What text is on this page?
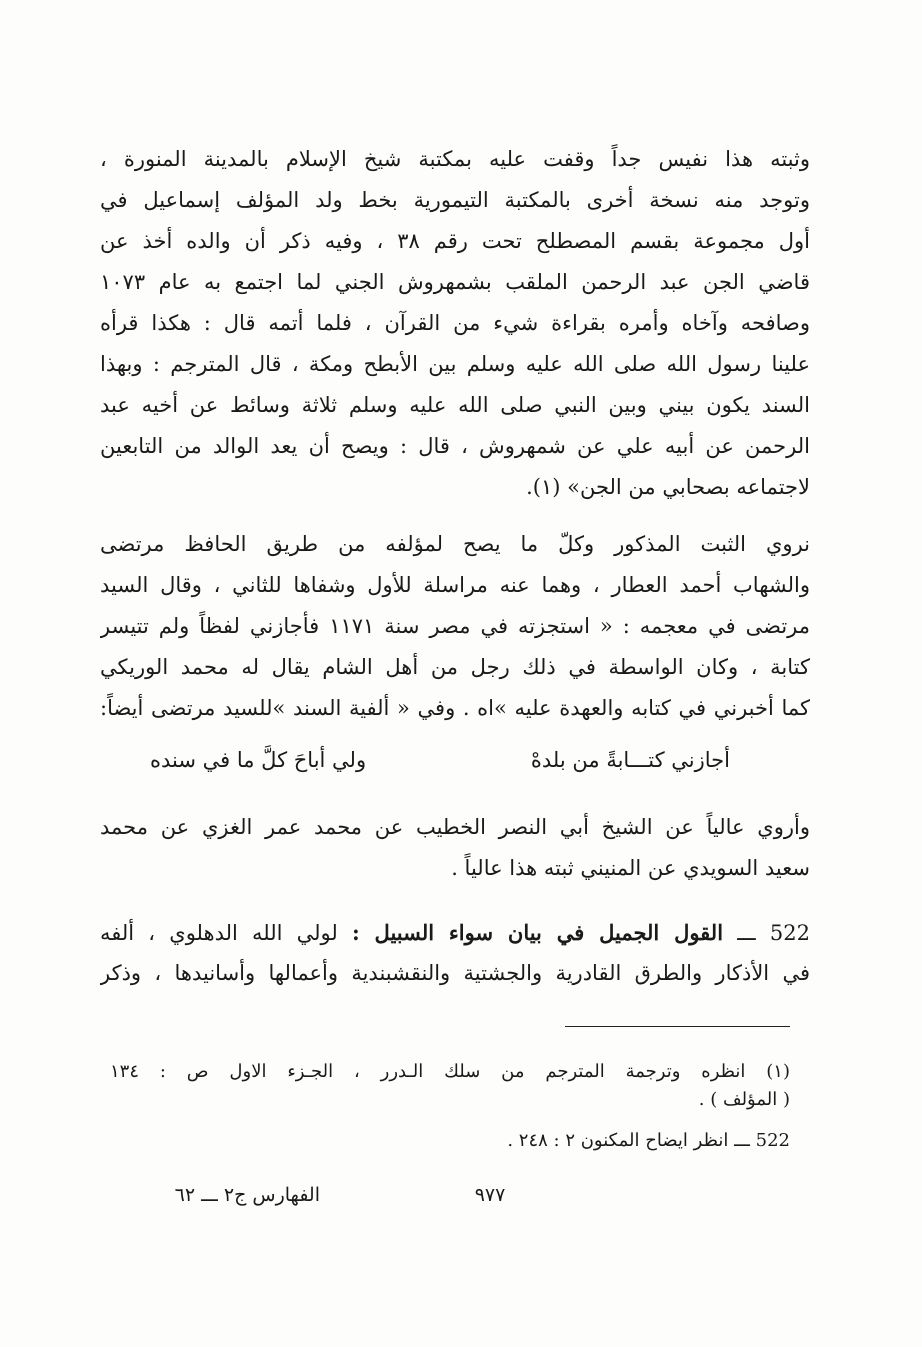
وثبته هذا نفيس جداً وقفت عليه بمكتبة شيخ الإسلام بالمدينة المنورة ،
وتوجد منه نسخة أخرى بالمكتبة التيمورية بخط ولد المؤلف إسماعيل في
أول مجموعة بقسم المصطلح تحت رقم ٣٨ ، وفيه ذكر أن والده أخذ عن
قاضي الجن عبد الرحمن الملقب بشمهروش الجني لما اجتمع به عام ١٠٧٣
وصافحه وآخاه وأمره بقراءة شيء من القرآن ، فلما أتمه قال : هكذا قرأه
علينا رسول الله صلى الله عليه وسلم بين الأبطح ومكة ، قال المترجم : وبهذا
السند يكون بيني وبين النبي صلى الله عليه وسلم ثلاثة وسائط عن أخيه عبد
الرحمن عن أبيه علي عن شمهروش ، قال : ويصح أن يعد الوالد من التابعين
لاجتماعه بصحابي من الجن» (١).
نروي الثبت المذكور وكلّ ما يصح لمؤلفه من طريق الحافظ مرتضى
والشهاب أحمد العطار ، وهما عنه مراسلة للأول وشفاها للثاني ، وقال السيد
مرتضى في معجمه : « استجزته في مصر سنة ١١٧١ فأجازني لفظاً ولم تتيسر
كتابة ، وكان الواسطة في ذلك رجل من أهل الشام يقال له محمد الوريكي
كما أخبرني في كتابه والعهدة عليه »اه . وفي « ألفية السند »للسيد مرتضى أيضاً:
أجازني كتـــابةً من بلدهْ
ولي أباحَ كلَّ ما في سنده
وأروي عالياً عن الشيخ أبي النصر الخطيب عن محمد عمر الغزي عن محمد
سعيد السويدي عن المنيني ثبته هذا عالياً .
522 ـــ القول الجميل في بيان سواء السبيل : لولي الله الدهلوي ، ألفه
في الأذكار والطرق القادرية والجشتية والنقشبندية وأعمالها وأسانيدها ، وذكر
(١) انظره وترجمة المترجم من سلك الـدرر ، الجـزء الاول ص : ١٣٤
( المؤلف ) .
522 ـــ انظر ايضاح المكنون ٢ : ٢٤٨ .
الفهارس ج٢ ـــ ٦٢	٩٧٧
